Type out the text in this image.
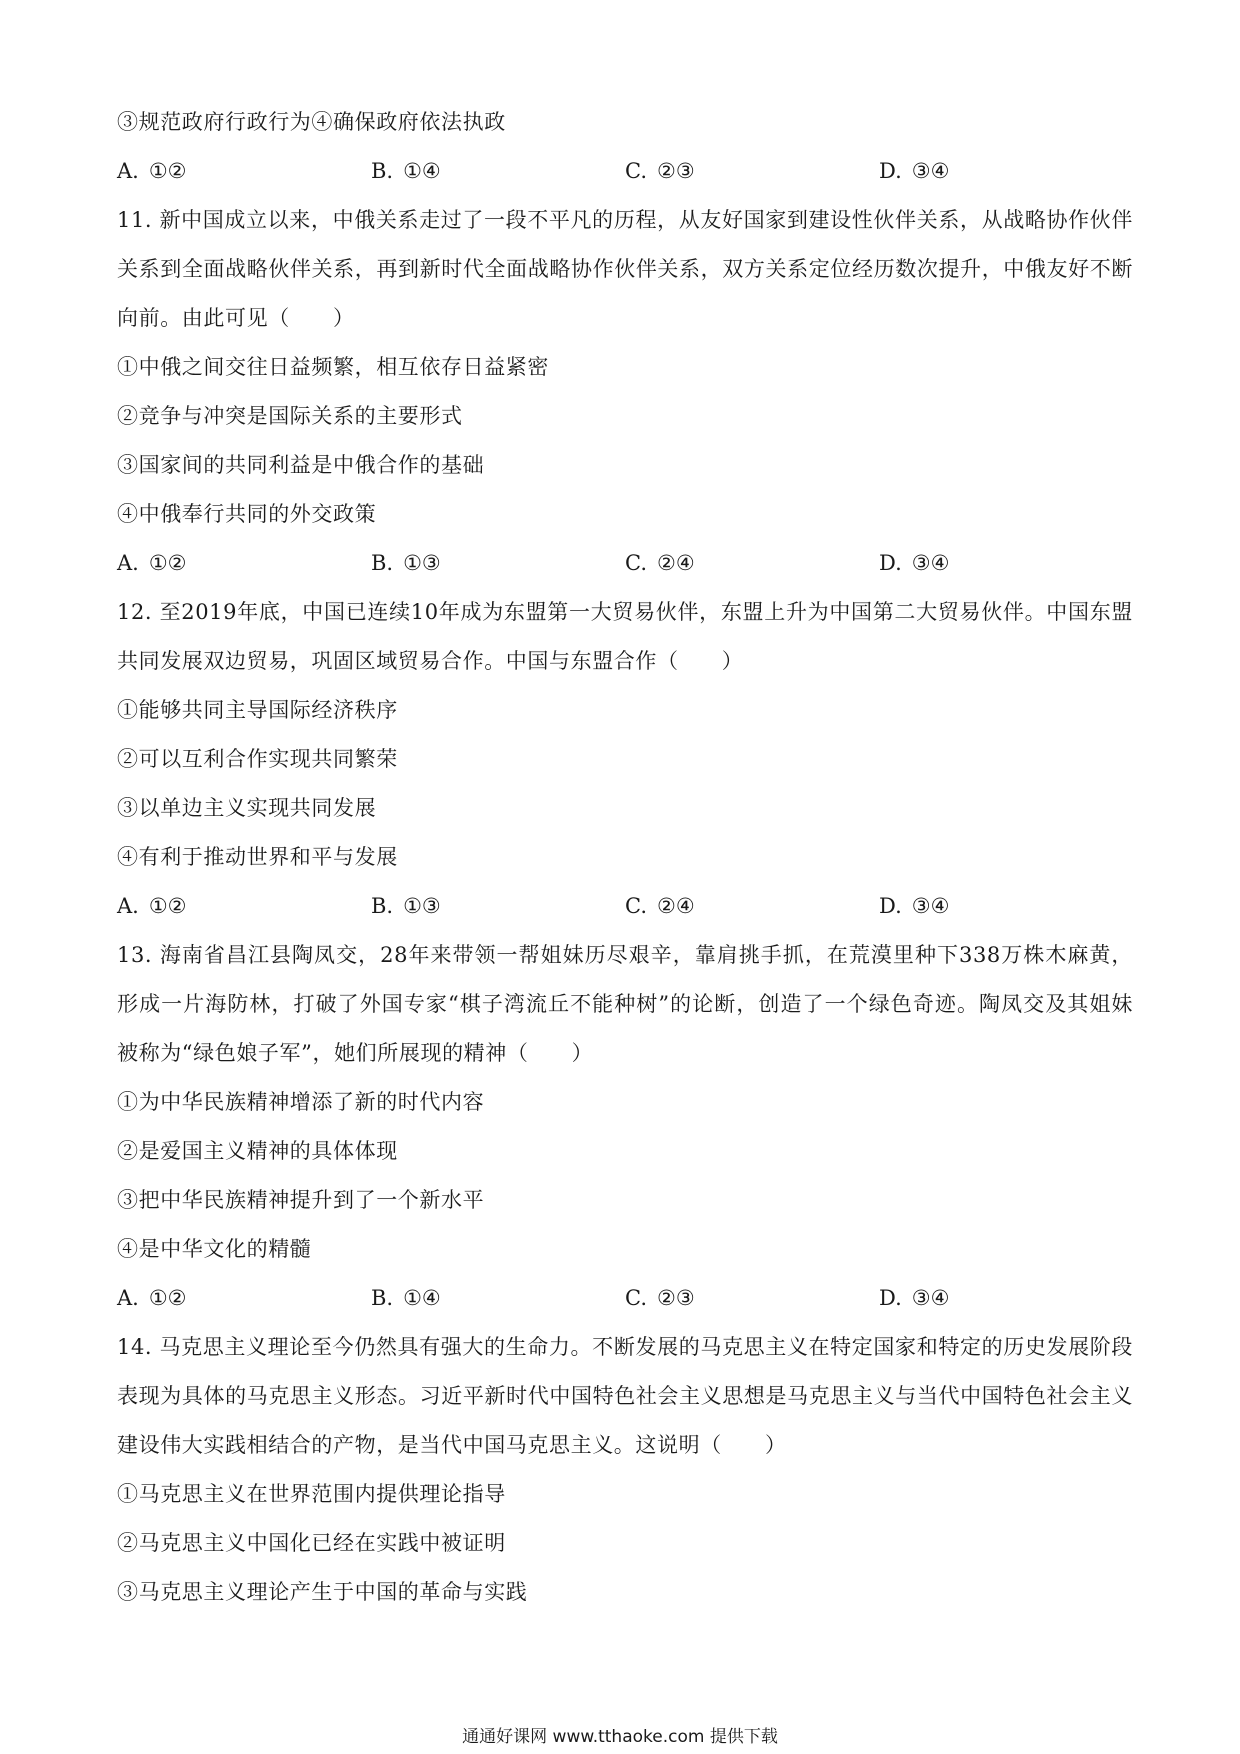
③规范政府行政行为④确保政府依法执政
A. ①②	B. ①④	C. ②③	D. ③④
11. 新中国成立以来，中俄关系走过了一段不平凡的历程，从友好国家到建设性伙伴关系，从战略协作伙伴关系到全面战略伙伴关系，再到新时代全面战略协作伙伴关系，双方关系定位经历数次提升，中俄友好不断向前。由此可见（　　）
①中俄之间交往日益频繁，相互依存日益紧密
②竞争与冲突是国际关系的主要形式
③国家间的共同利益是中俄合作的基础
④中俄奉行共同的外交政策
A. ①②	B. ①③	C. ②④	D. ③④
12. 至2019年底，中国已连续10年成为东盟第一大贸易伙伴，东盟上升为中国第二大贸易伙伴。中国东盟共同发展双边贸易，巩固区域贸易合作。中国与东盟合作（　　）
①能够共同主导国际经济秩序
②可以互利合作实现共同繁荣
③以单边主义实现共同发展
④有利于推动世界和平与发展
A. ①②	B. ①③	C. ②④	D. ③④
13. 海南省昌江县陶凤交，28年来带领一帮姐妹历尽艰辛，靠肩挑手抓，在荒漠里种下338万株木麻黄，形成一片海防林，打破了外国专家“棋子湾流丘不能种树”的论断，创造了一个绿色奇迹。陶凤交及其姐妹被称为“绿色娘子军”，她们所展现的精神（　　）
①为中华民族精神增添了新的时代内容
②是爱国主义精神的具体体现
③把中华民族精神提升到了一个新水平
④是中华文化的精髓
A. ①②	B. ①④	C. ②③	D. ③④
14. 马克思主义理论至今仍然具有强大的生命力。不断发展的马克思主义在特定国家和特定的历史发展阶段表现为具体的马克思主义形态。习近平新时代中国特色社会主义思想是马克思主义与当代中国特色社会主义建设伟大实践相结合的产物，是当代中国马克思主义。这说明（　　）
①马克思主义在世界范围内提供理论指导
②马克思主义中国化已经在实践中被证明
③马克思主义理论产生于中国的革命与实践
通通好课网 www.tthaoke.com 提供下载
